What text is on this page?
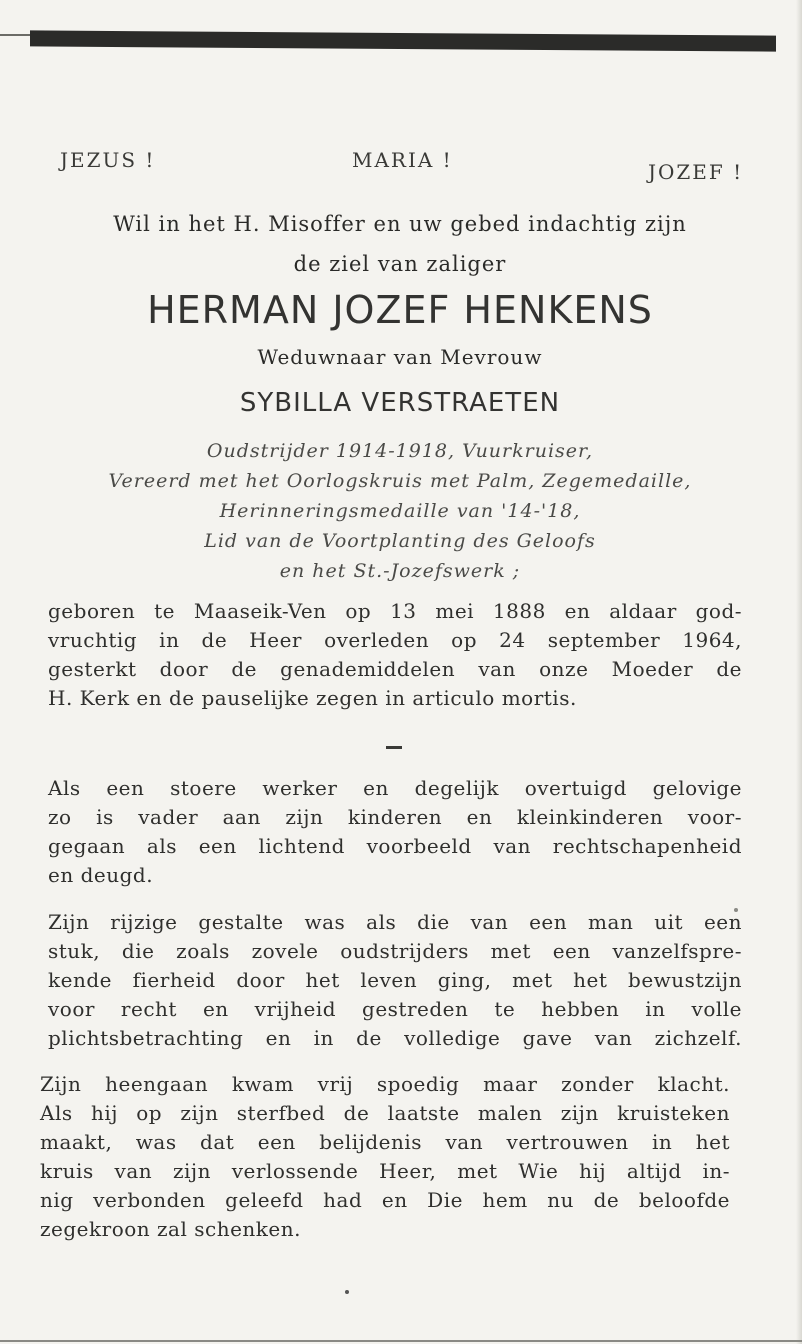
JEZUS !	MARIA !	JOZEF !
Wil in het H. Misoffer en uw gebed indachtig zijn
de ziel van zaliger
HERMAN JOZEF HENKENS
Weduwnaar van Mevrouw
SYBILLA VERSTRAETEN
Oudstrijder 1914-1918, Vuurkruiser,
Vereerd met het Oorlogskruis met Palm, Zegemedaille,
Herinneringsmedaille van '14-'18,
Lid van de Voortplanting des Geloofs
en het St.-Jozefswerk ;
geboren te Maaseik-Ven op 13 mei 1888 en aldaar god-
vruchtig in de Heer overleden op 24 september 1964,
gesterkt door de genademiddelen van onze Moeder de
H. Kerk en de pauselijke zegen in articulo mortis.
Als een stoere werker en degelijk overtuigd gelovige
zo is vader aan zijn kinderen en kleinkinderen voor-
gegaan als een lichtend voorbeeld van rechtschapenheid
en deugd.
Zijn rijzige gestalte was als die van een man uit een
stuk, die zoals zovele oudstrijders met een vanzelfspre-
kende fierheid door het leven ging, met het bewustzijn
voor recht en vrijheid gestreden te hebben in volle
plichtsbetrachting en in de volledige gave van zichzelf.
Zijn heengaan kwam vrij spoedig maar zonder klacht.
Als hij op zijn sterfbed de laatste malen zijn kruisteken
maakt, was dat een belijdenis van vertrouwen in het
kruis van zijn verlossende Heer, met Wie hij altijd in-
nig verbonden geleefd had en Die hem nu de beloofde
zegekroon zal schenken.
